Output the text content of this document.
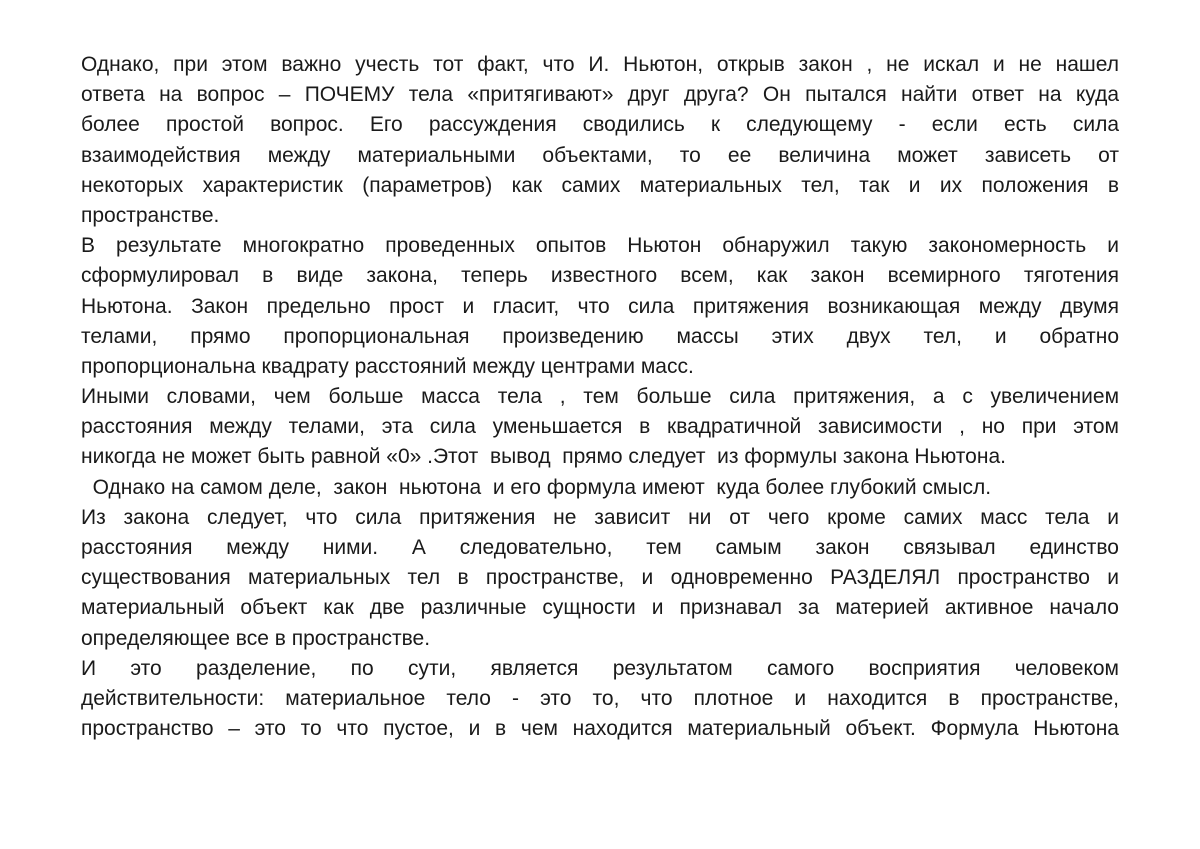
Однако, при этом важно учесть тот факт, что И. Ньютон, открыв закон , не искал и не нашел
ответа на вопрос – ПОЧЕМУ тела «притягивают» друг друга? Он пытался найти ответ на куда
более простой вопрос. Его рассуждения сводились к следующему - если есть сила
взаимодействия между материальными объектами, то ее величина может зависеть от
некоторых характеристик (параметров) как самих материальных тел, так и их положения в
пространстве.
В результате многократно проведенных опытов Ньютон обнаружил такую закономерность и
сформулировал в виде закона, теперь известного всем, как закон всемирного тяготения
Ньютона. Закон предельно прост и гласит, что сила притяжения возникающая между двумя
телами, прямо пропорциональная произведению массы этих двух тел, и обратно
пропорциональна квадрату расстояний между центрами масс.
Иными словами, чем больше масса тела , тем больше сила притяжения, а с увеличением
расстояния между телами, эта сила уменьшается в квадратичной зависимости , но при этом
никогда не может быть равной «0» .Этот  вывод  прямо следует  из формулы закона Ньютона.
Однако на самом деле,  закон  ньютона  и его формула имеют  куда более глубокий смысл.
Из закона следует, что сила притяжения не зависит ни от чего кроме самих масс тела и
расстояния между ними. А следовательно, тем самым закон связывал единство
существования материальных тел в пространстве, и одновременно РАЗДЕЛЯЛ пространство и
материальный объект как две различные сущности и признавал за материей активное начало
определяющее все в пространстве.
И это разделение, по сути, является результатом самого восприятия человеком
действительности: материальное тело - это то, что плотное и находится в пространстве,
пространство – это то что пустое, и в чем находится материальный объект. Формула Ньютона
